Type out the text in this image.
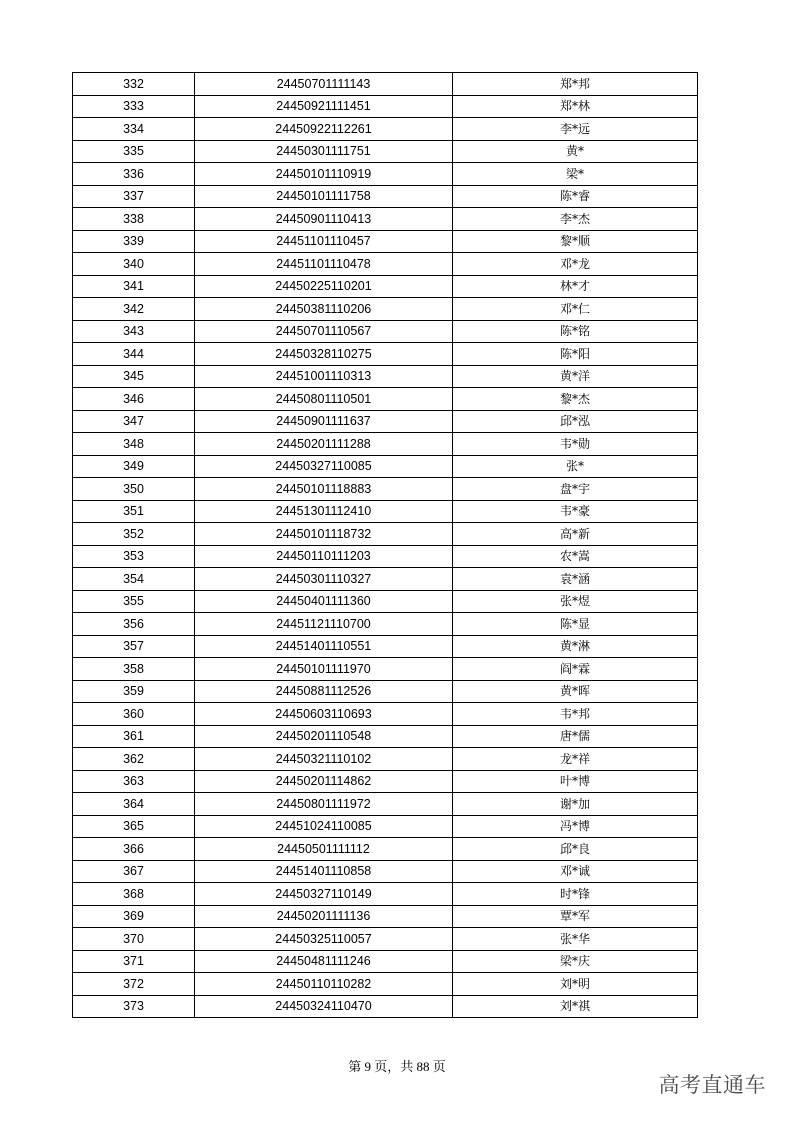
332	24450701111143	郑*邦
333	24450921111451	郑*林
334	24450922112261	李*远
335	24450301111751	黄*
336	24450101110919	梁*
337	24450101111758	陈*睿
338	24450901110413	李*杰
339	24451101110457	黎*顺
340	24451101110478	邓*龙
341	24450225110201	林*才
342	24450381110206	邓*仁
343	24450701110567	陈*铭
344	24450328110275	陈*阳
345	24451001110313	黄*洋
346	24450801110501	黎*杰
347	24450901111637	邱*泓
348	24450201111288	韦*勋
349	24450327110085	张*
350	24450101118883	盘*宇
351	24451301112410	韦*豪
352	24450101118732	高*新
353	24450110111203	农*嵩
354	24450301110327	袁*涵
355	24450401111360	张*煜
356	24451121110700	陈*显
357	24451401110551	黄*淋
358	24450101111970	阎*霖
359	24450881112526	黄*晖
360	24450603110693	韦*邦
361	24450201110548	唐*儒
362	24450321110102	龙*祥
363	24450201114862	叶*博
364	24450801111972	谢*加
365	24451024110085	冯*博
366	24450501111112	邱*良
367	24451401110858	邓*诚
368	24450327110149	时*锋
369	24450201111136	覃*军
370	24450325110057	张*华
371	24450481111246	梁*庆
372	24450110110282	刘*明
373	24450324110470	刘*祺
第 9 页，共 88 页
高考直通车
